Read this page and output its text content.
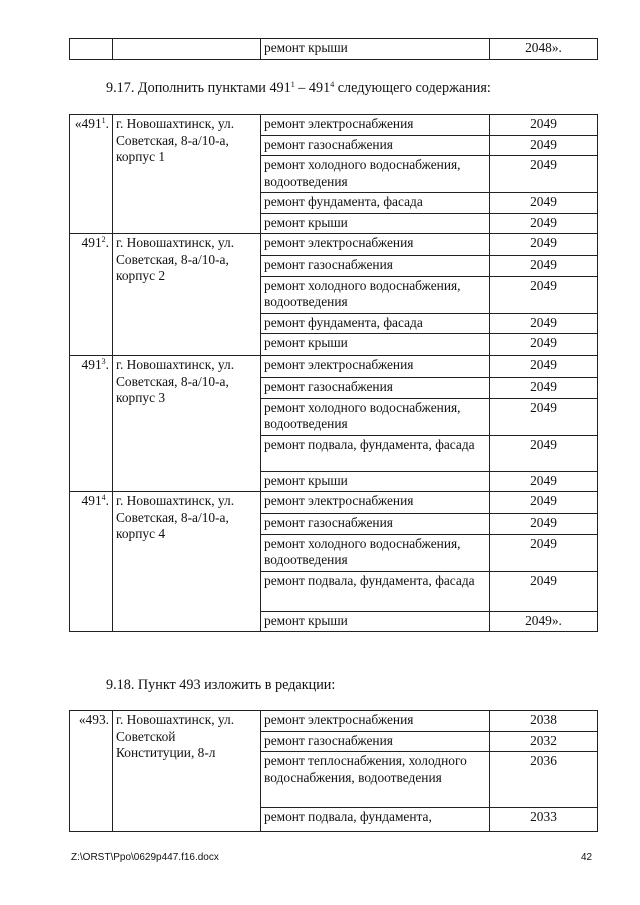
		ремонт крыши	2048».
9.17. Дополнить пунктами $491^1 - 491^4$ следующего содержания:
«$491^1$.	г. Новошахтинск, ул. Советская, 8-а/10-а, корпус 1	ремонт электроснабжения	2049
		ремонт газоснабжения	2049
		ремонт холодного водоснабжения, водоотведения	2049
		ремонт фундамента, фасада	2049
		ремонт крыши	2049
$491^2$.	г. Новошахтинск, ул. Советская, 8-а/10-а, корпус 2	ремонт электроснабжения	2049
		ремонт газоснабжения	2049
		ремонт холодного водоснабжения, водоотведения	2049
		ремонт фундамента, фасада	2049
		ремонт крыши	2049
$491^3$.	г. Новошахтинск, ул. Советская, 8-а/10-а, корпус 3	ремонт электроснабжения	2049
		ремонт газоснабжения	2049
		ремонт холодного водоснабжения, водоотведения	2049
		ремонт подвала, фундамента, фасада	2049
		ремонт крыши	2049
$491^4$.	г. Новошахтинск, ул. Советская, 8-а/10-а, корпус 4	ремонт электроснабжения	2049
		ремонт газоснабжения	2049
		ремонт холодного водоснабжения, водоотведения	2049
		ремонт подвала, фундамента, фасада	2049
		ремонт крыши	2049».
9.18. Пункт 493 изложить в редакции:
«493.	г. Новошахтинск, ул. Советской Конституции, 8-л	ремонт электроснабжения	2038
		ремонт газоснабжения	2032
		ремонт теплоснабжения, холодного водоснабжения, водоотведения	2036
		ремонт подвала, фундамента,	2033
Z:\ORST\Ppo\0629p447.f16.docx	42
